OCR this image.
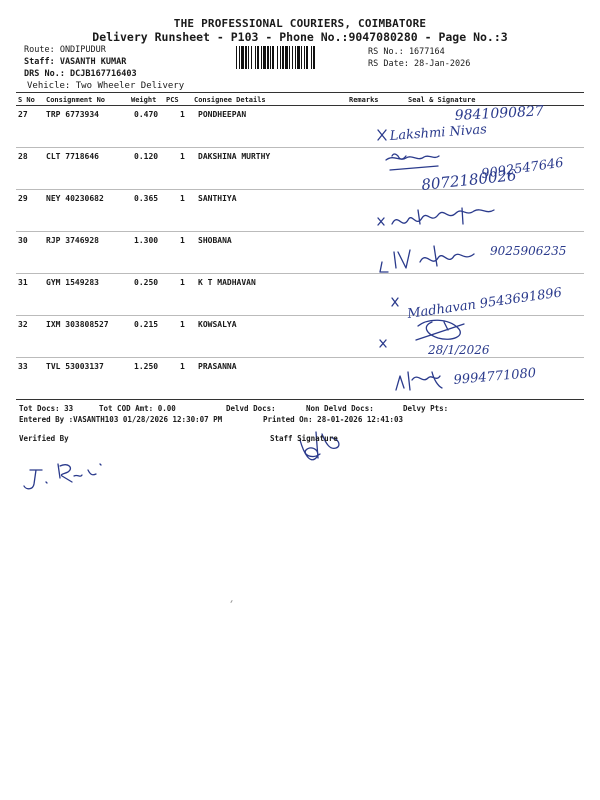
THE PROFESSIONAL COURIERS, COIMBATORE
Delivery Runsheet - P103 - Phone No.:9047080280 - Page No.:3
Route: ONDIPUDUR
Staff: VASANTH KUMAR
DRS No.: DCJB16771640З
Vehicle: Two Wheeler Delivery
RS No.: 1677164
RS Date: 28-Jan-2026
S No Consignment No	Weight PCS Consignee Details	Remarks	Seal & Signature
27 TRP 6773934	0.470	1 PONDHEEPAN
28 CLT 7718646	0.120	1 DAKSHINA MURTHY
29 NEY 40230682	0.365	1 SANTHIYA
30 RJP 3746928	1.300	1 SHOBANA
31 GYM 1549283	0.250	1 K T MADHAVAN
32 IXM 303808527	0.215	1 KOWSALYA
33 TVL 53003137	1.250	1 PRASANNA
9841090827
Lakshmi Nivas
8072180026
9092547646
9025906235
Madhavan 9543691896
28/1/2026
9994771080
Tot Docs: 33	Tot COD Amt: 0.00	Delvd Docs:	Non Delvd Docs:	Delvy Pts:
Entered By :VASANTH103 01/28/2026 12:30:07 PM	Printed On: 28-01-2026 12:41:03
Verified By	Staff Signature
